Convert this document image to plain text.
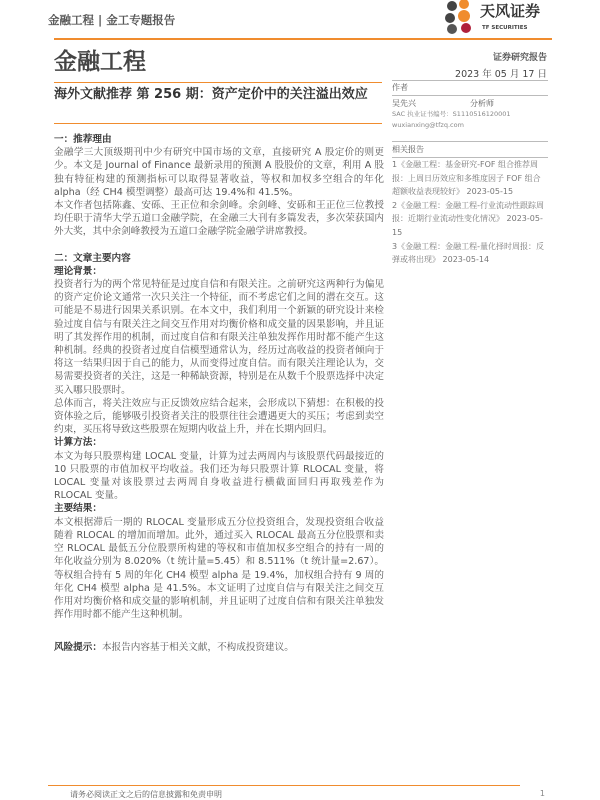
金融工程 | 金工专题报告	天风证券
TF SECURITIES
金融工程	证券研究报告
2023 年 05 月 17 日
海外文献推荐 第 256 期：资产定价中的关注溢出效应	作者
吴先兴	分析师
SAC 执业证书编号：S1110516120001
wuxianxing@tfzq.com
相关报告
1《金融工程：基金研究-FOF 组合推荐周报：上周日历效应和多维度因子 FOF 组合超额收益表现较好》 2023-05-15
2《金融工程：金融工程-行业流动性跟踪周报：近期行业流动性变化情况》 2023-05-15
3《金融工程：金融工程-量化择时周报：反弹或将出现》 2023-05-14
一：推荐理由

金融学三大顶级期刊中少有研究中国市场的文章，直接研究 A 股定价的则更少。本文是 Journal of Finance 最新录用的预测 A 股股价的文章，利用 A 股独有特征构建的预测指标可以取得显著收益，等权和加权多空组合的年化 alpha（经 CH4 模型调整）最高可达 19.4%和 41.5%。

本文作者包括陈鑫、安砾、王正位和余剑峰。余剑峰、安砾和王正位三位教授均任职于清华大学五道口金融学院，在金融三大刊有多篇发表，多次荣获国内外大奖，其中余剑峰教授为五道口金融学院金融学讲席教授。

二：文章主要内容
理论背景：

投资者行为的两个常见特征是过度自信和有限关注。之前研究这两种行为偏见的资产定价论文通常一次只关注一个特征，而不考虑它们之间的潜在交互。这可能是不易进行因果关系识别。在本文中，我们利用一个新颖的研究设计来检验过度自信与有限关注之间交互作用对均衡价格和成交量的因果影响，并且证明了其发挥作用的机制，而过度自信和有限关注单独发挥作用时都不能产生这种机制。经典的投资者过度自信模型通常认为，经历过高收益的投资者倾向于将这一结果归因于自己的能力，从而变得过度自信。而有限关注理论认为，交易需要投资者的关注，这是一种稀缺资源，特别是在从数千个股票选择中决定买入哪只股票时。

总体而言，将关注效应与正反馈效应结合起来，会形成以下猜想：在积极的投资体验之后，能够吸引投资者关注的股票往往会遭遇更大的买压；考虑到卖空约束，买压将导致这些股票在短期内收益上升，并在长期内回归。

计算方法：

本文为每只股票构建 LOCAL 变量，计算为过去两周内与该股票代码最接近的 10 只股票的市值加权平均收益。我们还为每只股票计算 RLOCAL 变量，将 LOCAL 变量对该股票过去两周自身收益进行横截面回归再取残差作为 RLOCAL 变量。

主要结果：

本文根据滞后一期的 RLOCAL 变量形成五分位投资组合，发现投资组合收益随着 RLOCAL 的增加而增加。此外，通过买入 RLOCAL 最高五分位股票和卖空 RLOCAL 最低五分位股票所构建的等权和市值加权多空组合的持有一周的年化收益分别为 8.020%（t 统计量=5.45）和 8.511%（t 统计量=2.67）。等权组合持有 5 周的年化 CH4 模型 alpha 是 19.4%，加权组合持有 9 周的年化 CH4 模型 alpha 是 41.5%。本文证明了过度自信与有限关注之间交互作用对均衡价格和成交量的影响机制，并且证明了过度自信和有限关注单独发挥作用时都不能产生这种机制。

风险提示：本报告内容基于相关文献，不构成投资建议。
请务必阅读正文之后的信息披露和免责申明	1
